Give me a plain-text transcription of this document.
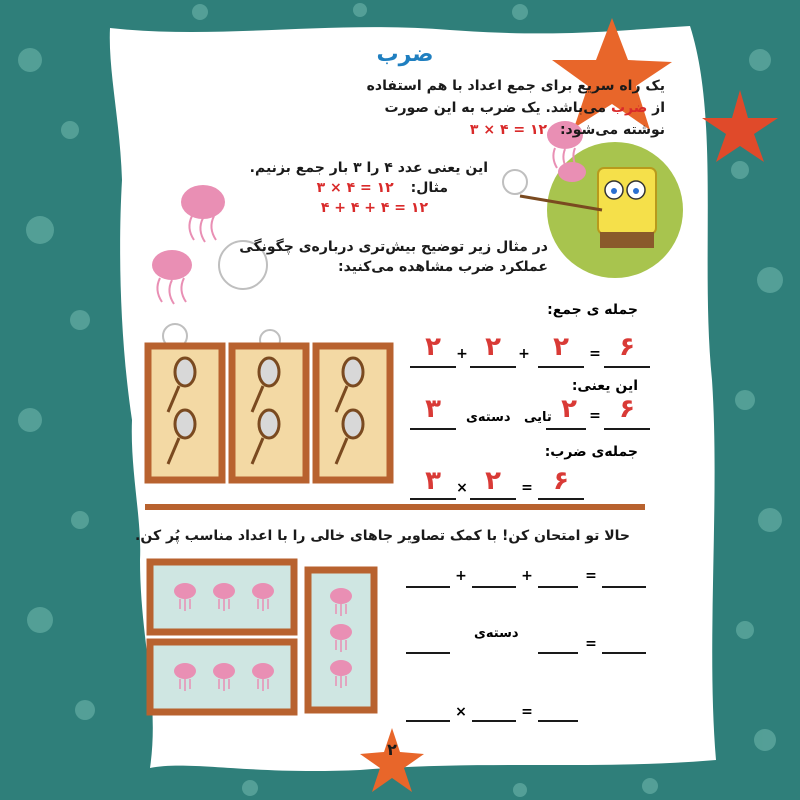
ضرب
یک راه سریع برای جمع اعداد با هم استفاده
از ضرب می‌باشد. یک ضرب به این صورت
نوشته می‌شود: ۱۲ = ۴ × ۳
این یعنی عدد ۴ را ۳ بار جمع بزنیم.
مثال: ۱۲ = ۴ × ۳
۱۲ = ۴ + ۴ + ۴
در مثال زیر توضیح بیش‌تری درباره‌ی چگونگی
عملکرد ضرب مشاهده می‌کنید:
جمله ی جمع:
۲	+ ۲	+ ۲	= ۶
این یعنی:
۳	دسته‌ی تایی ۲ = ۶
جمله‌ی ضرب:
۳	× ۲	= ۶
حالا تو امتحان کن! با کمک تصاویر جاهای خالی را با اعداد مناسب پُر کن.
+	+	=
دسته‌ی
=
×	=
۲
